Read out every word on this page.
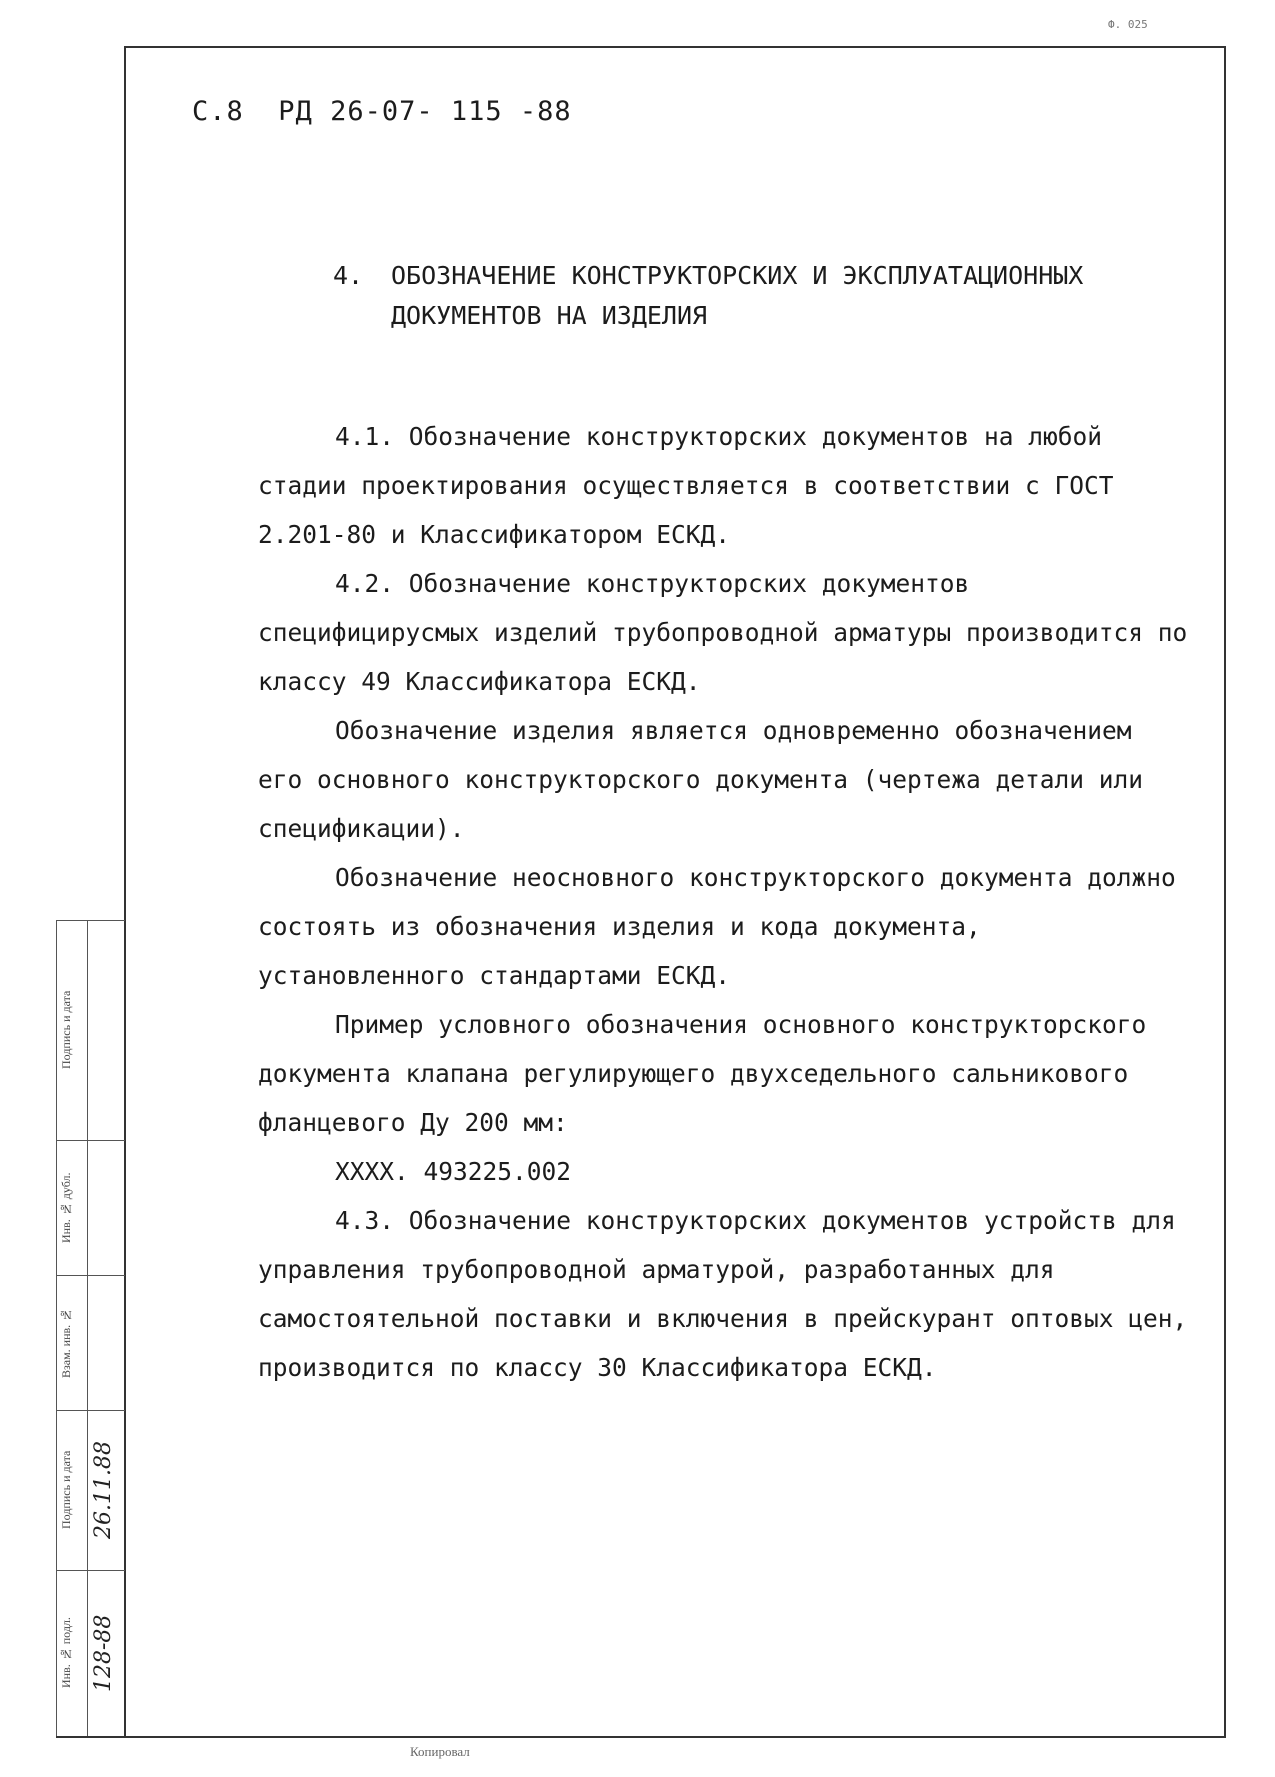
Ф. 025
С.8 РД 26-07- 115 -88
4. ОБОЗНАЧЕНИЕ КОНСТРУКТОРСКИХ И ЭКСПЛУАТАЦИОННЫХ ДОКУМЕНТОВ НА ИЗДЕЛИЯ

4.1. Обозначение конструкторских документов на любой стадии проектирования осуществляется в соответствии с ГОСТ 2.201-80 и Классификатором ЕСКД.

4.2. Обозначение конструкторских документов специфицирусмых изделий трубопроводной арматуры производится по классу 49 Классификатора ЕСКД.

Обозначение изделия является одновременно обозначением его основного конструкторского документа (чертежа детали или спецификации).

Обозначение неосновного конструкторского документа должно состоять из обозначения изделия и кода документа, установленного стандартами ЕСКД.

Пример условного обозначения основного конструкторского документа клапана регулирующего двухседельного сальникового фланцевого Ду 200 мм:

ХХХХ. 493225.002

4.3. Обозначение конструкторских документов устройств для управления трубопроводной арматурой, разработанных для самостоятельной поставки и включения в прейскурант оптовых цен, производится по классу 30 Классификатора ЕСКД.

Подпись и дата
Инв. № дубл.
Взам. инв. №
Подпись и дата
Инв. № подл.
26.11.88
128-88
Копировал
